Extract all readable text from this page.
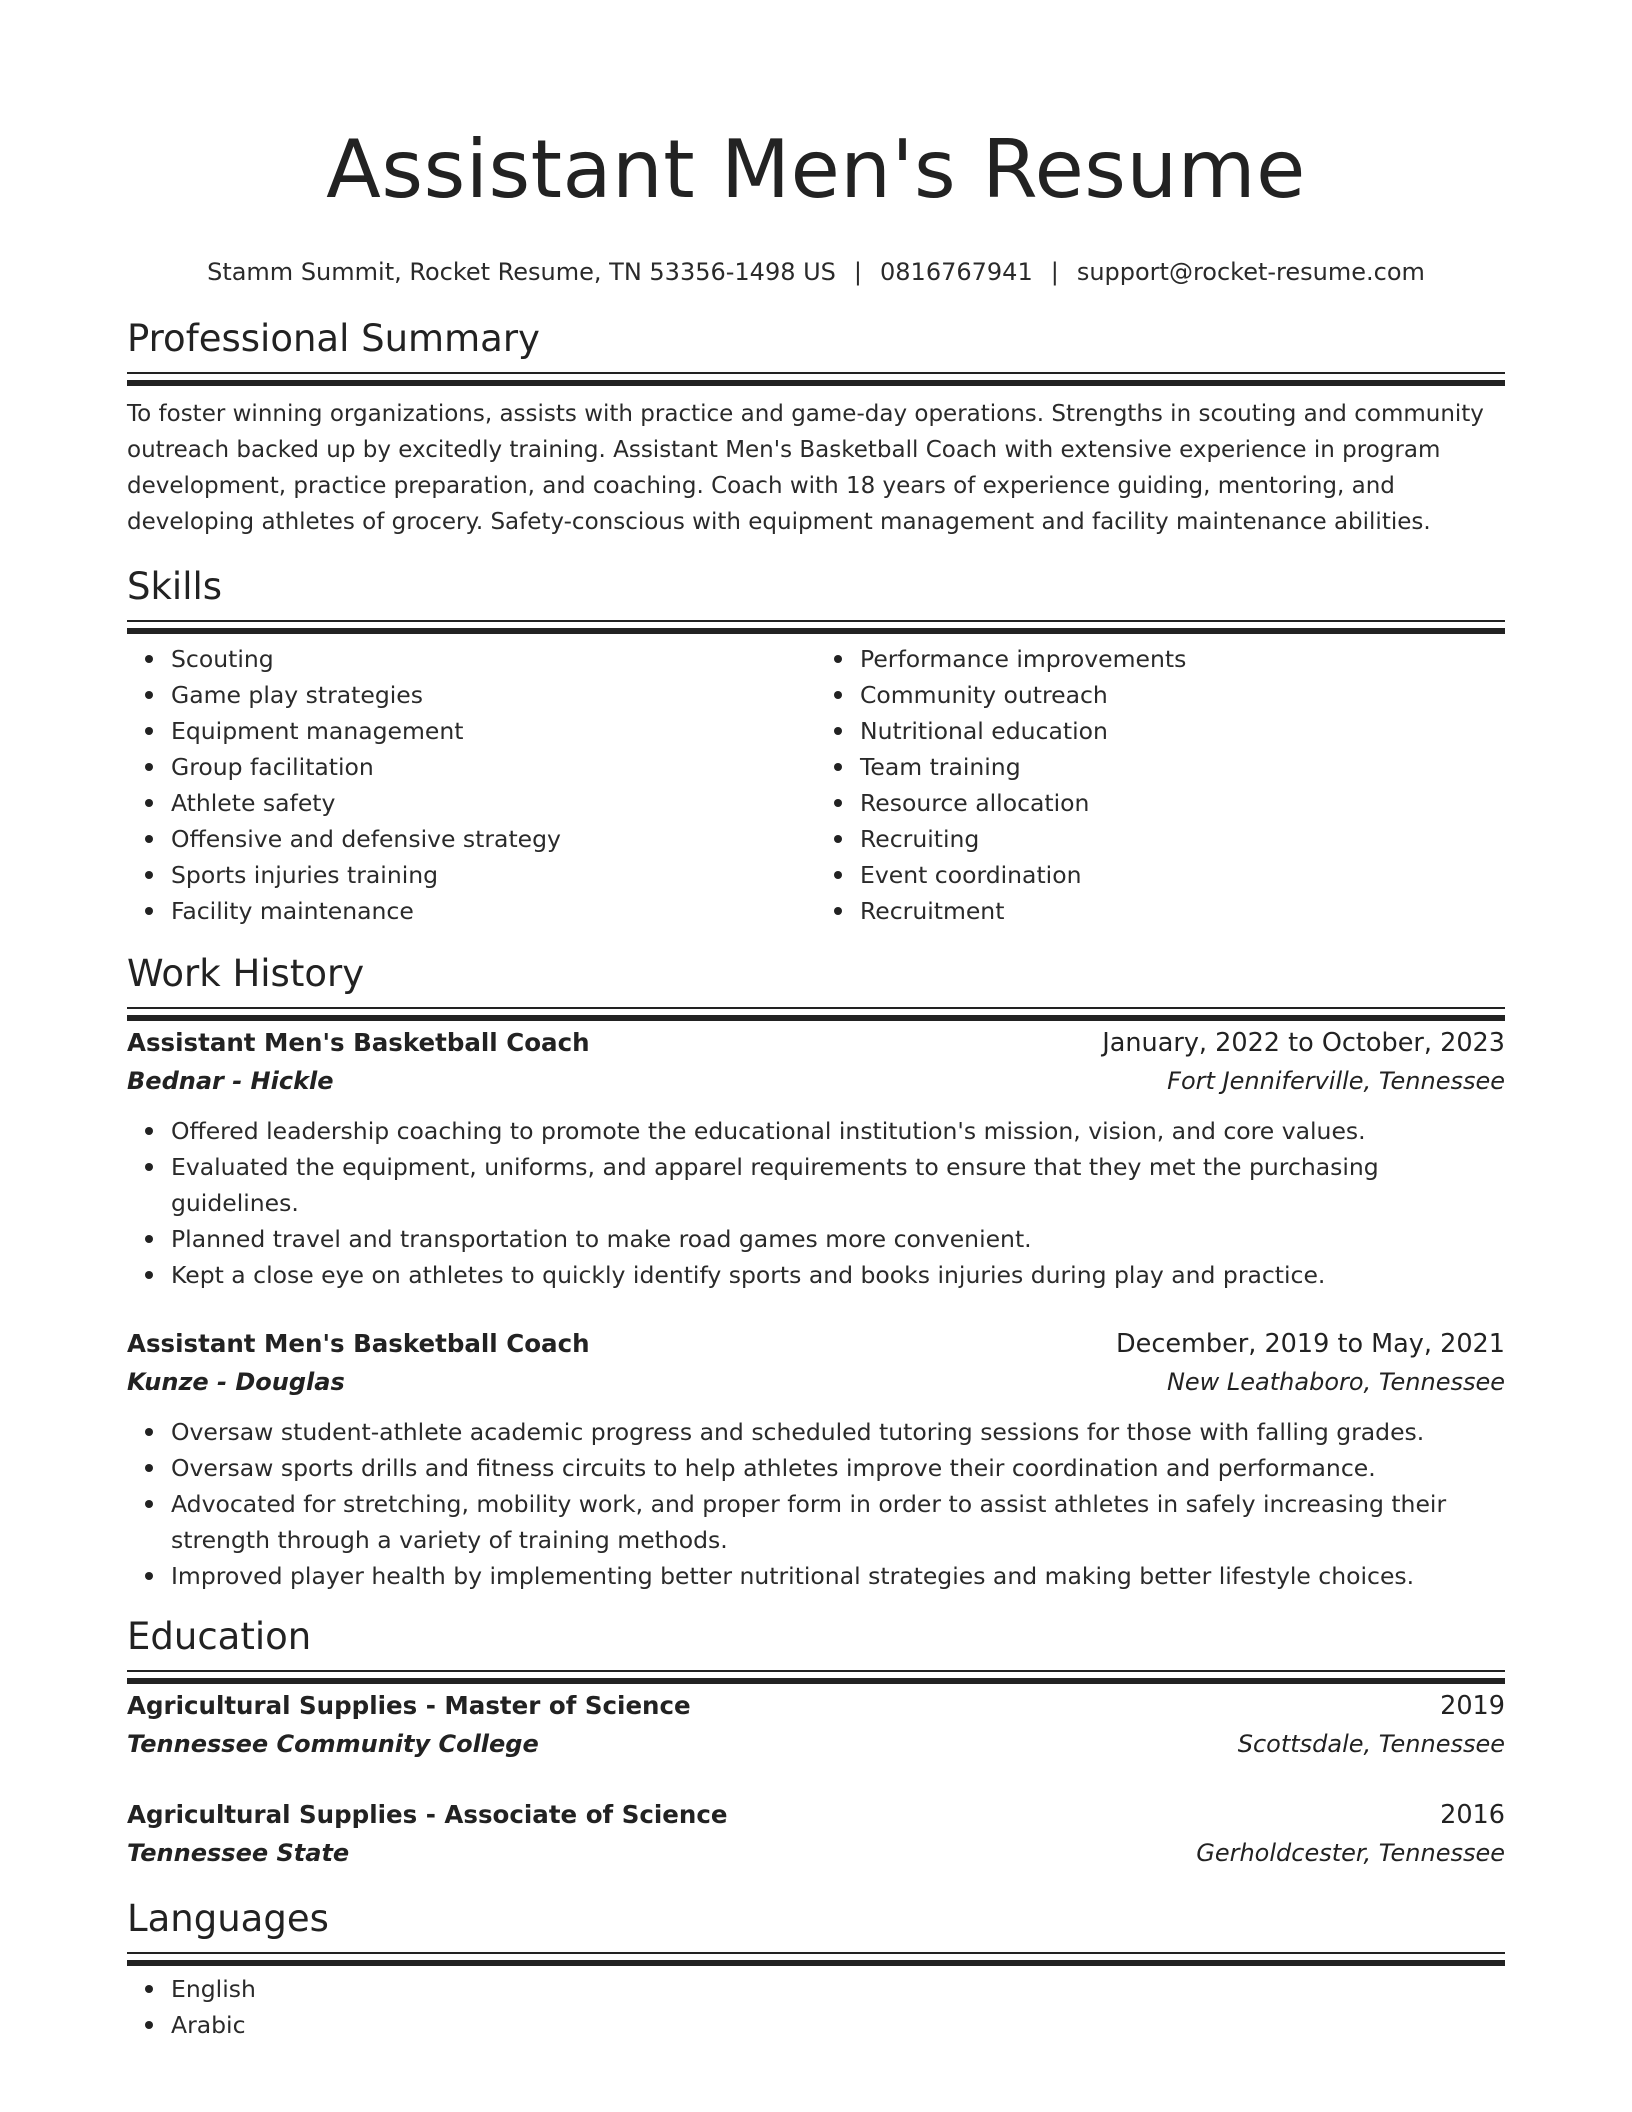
Assistant Men's Resume
Stamm Summit, Rocket Resume, TN 53356-1498 US | 0816767941 | support@rocket-resume.com
Professional Summary
To foster winning organizations, assists with practice and game-day operations. Strengths in scouting and community outreach backed up by excitedly training. Assistant Men's Basketball Coach with extensive experience in program development, practice preparation, and coaching. Coach with 18 years of experience guiding, mentoring, and developing athletes of grocery. Safety-conscious with equipment management and facility maintenance abilities.
Skills
Scouting
Game play strategies
Equipment management
Group facilitation
Athlete safety
Offensive and defensive strategy
Sports injuries training
Facility maintenance
Performance improvements
Community outreach
Nutritional education
Team training
Resource allocation
Recruiting
Event coordination
Recruitment
Work History
Assistant Men's Basketball Coach	January, 2022 to October, 2023
Bednar - Hickle	Fort Jenniferville, Tennessee
Offered leadership coaching to promote the educational institution's mission, vision, and core values.
Evaluated the equipment, uniforms, and apparel requirements to ensure that they met the purchasing guidelines.
Planned travel and transportation to make road games more convenient.
Kept a close eye on athletes to quickly identify sports and books injuries during play and practice.
Assistant Men's Basketball Coach	December, 2019 to May, 2021
Kunze - Douglas	New Leathaboro, Tennessee
Oversaw student-athlete academic progress and scheduled tutoring sessions for those with falling grades.
Oversaw sports drills and fitness circuits to help athletes improve their coordination and performance.
Advocated for stretching, mobility work, and proper form in order to assist athletes in safely increasing their strength through a variety of training methods.
Improved player health by implementing better nutritional strategies and making better lifestyle choices.
Education
Agricultural Supplies - Master of Science	2019
Tennessee Community College	Scottsdale, Tennessee
Agricultural Supplies - Associate of Science	2016
Tennessee State	Gerholdcester, Tennessee
Languages
English
Arabic
